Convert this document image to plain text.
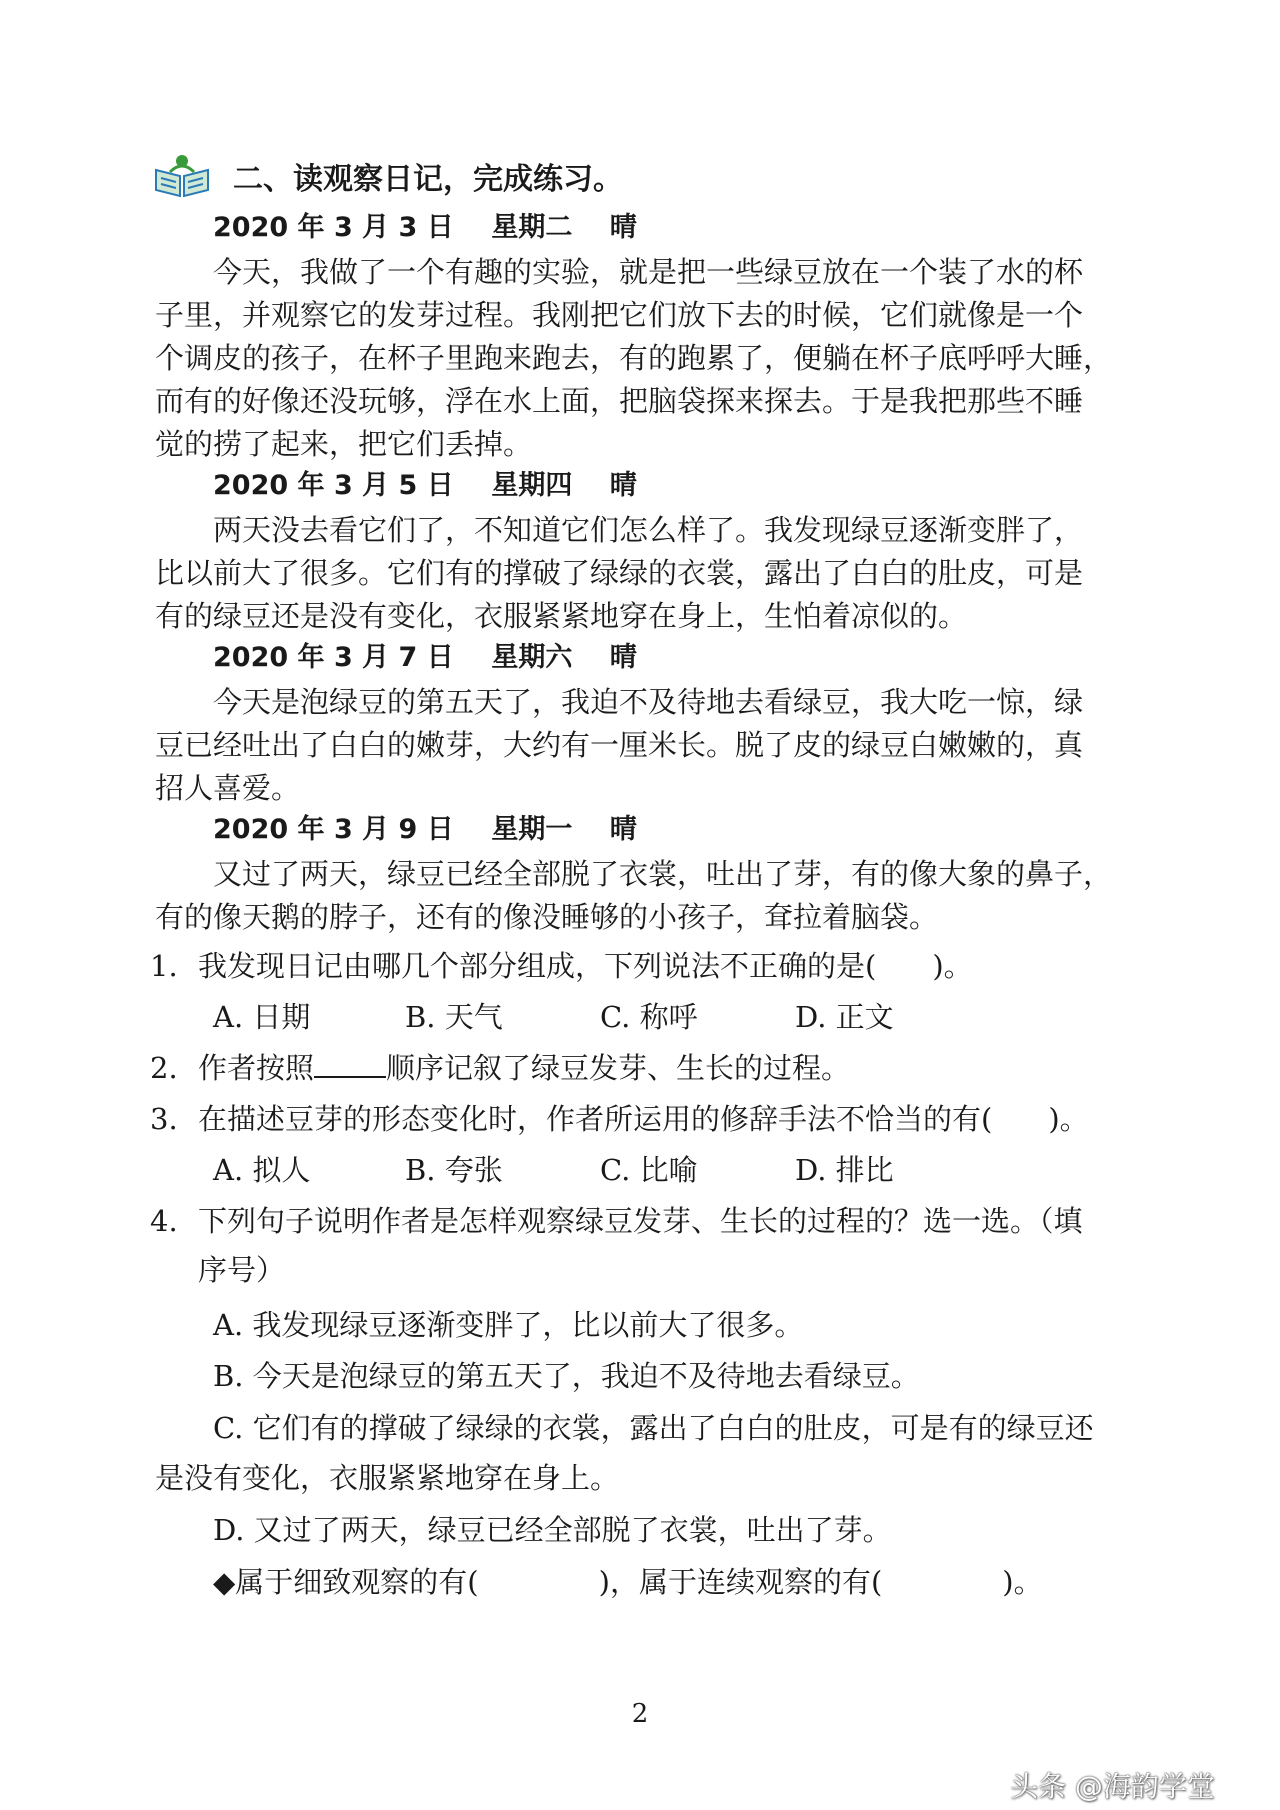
二、读观察日记，完成练习。
2020 年 3 月 3 日    星期二    晴
今天，我做了一个有趣的实验，就是把一些绿豆放在一个装了水的杯
子里，并观察它的发芽过程。我刚把它们放下去的时候，它们就像是一个
个调皮的孩子，在杯子里跑来跑去，有的跑累了，便躺在杯子底呼呼大睡，
而有的好像还没玩够，浮在水上面，把脑袋探来探去。于是我把那些不睡
觉的捞了起来，把它们丢掉。
2020 年 3 月 5 日    星期四    晴
两天没去看它们了，不知道它们怎么样了。我发现绿豆逐渐变胖了，
比以前大了很多。它们有的撑破了绿绿的衣裳，露出了白白的肚皮，可是
有的绿豆还是没有变化，衣服紧紧地穿在身上，生怕着凉似的。
2020 年 3 月 7 日    星期六    晴
今天是泡绿豆的第五天了，我迫不及待地去看绿豆，我大吃一惊，绿
豆已经吐出了白白的嫩芽，大约有一厘米长。脱了皮的绿豆白嫩嫩的，真
招人喜爱。
2020 年 3 月 9 日    星期一    晴
又过了两天，绿豆已经全部脱了衣裳，吐出了芽，有的像大象的鼻子，
有的像天鹅的脖子，还有的像没睡够的小孩子，耷拉着脑袋。
1. 我发现日记由哪几个部分组成，下列说法不正确的是( )。
A. 日期	B. 天气	C. 称呼	D. 正文
2. 作者按照 顺序记叙了绿豆发芽、生长的过程。
3. 在描述豆芽的形态变化时，作者所运用的修辞手法不恰当的有( )。
A. 拟人	B. 夸张	C. 比喻	D. 排比
4. 下列句子说明作者是怎样观察绿豆发芽、生长的过程的？选一选。（填
序号）
A. 我发现绿豆逐渐变胖了，比以前大了很多。
B. 今天是泡绿豆的第五天了，我迫不及待地去看绿豆。
C. 它们有的撑破了绿绿的衣裳，露出了白白的肚皮，可是有的绿豆还
是没有变化，衣服紧紧地穿在身上。
D. 又过了两天，绿豆已经全部脱了衣裳，吐出了芽。
◆属于细致观察的有(	)，属于连续观察的有(	)。
2
头条 @海韵学堂
